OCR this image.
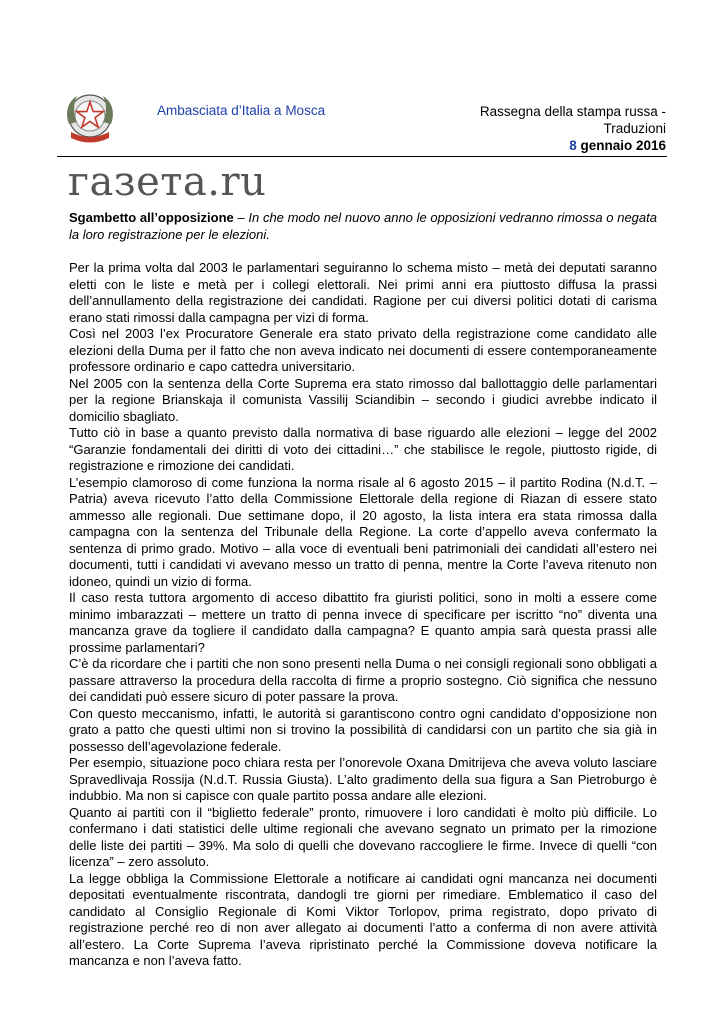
Ambasciata d’Italia a Mosca	Rassegna della stampa russa -
Traduzioni
8 gennaio 2016
газета.ru

Sgambetto all’opposizione – In che modo nel nuovo anno le opposizioni vedranno rimossa o negata la loro registrazione per le elezioni.

Per la prima volta dal 2003 le parlamentari seguiranno lo schema misto – metà dei deputati saranno eletti con le liste e metà per i collegi elettorali. Nei primi anni era piuttosto diffusa la prassi dell’annullamento della registrazione dei candidati. Ragione per cui diversi politici dotati di carisma erano stati rimossi dalla campagna per vizi di forma.

Così nel 2003 l’ex Procuratore Generale era stato privato della registrazione come candidato alle elezioni della Duma per il fatto che non aveva indicato nei documenti di essere contemporaneamente professore ordinario e capo cattedra universitario.

Nel 2005 con la sentenza della Corte Suprema era stato rimosso dal ballottaggio delle parlamentari per la regione Brianskaja il comunista Vassilij Sciandibin – secondo i giudici avrebbe indicato il domicilio sbagliato.

Tutto ciò in base a quanto previsto dalla normativa di base riguardo alle elezioni – legge del 2002 “Garanzie fondamentali dei diritti di voto dei cittadini…” che stabilisce le regole, piuttosto rigide, di registrazione e rimozione dei candidati.

L’esempio clamoroso di come funziona la norma risale al 6 agosto 2015 – il partito Rodina (N.d.T. – Patria) aveva ricevuto l’atto della Commissione Elettorale della regione di Riazan di essere stato ammesso alle regionali. Due settimane dopo, il 20 agosto, la lista intera era stata rimossa dalla campagna con la sentenza del Tribunale della Regione. La corte d’appello aveva confermato la sentenza di primo grado. Motivo – alla voce di eventuali beni patrimoniali dei candidati all’estero nei documenti, tutti i candidati vi avevano messo un tratto di penna, mentre la Corte l’aveva ritenuto non idoneo, quindi un vizio di forma.

Il caso resta tuttora argomento di acceso dibattito fra giuristi politici, sono in molti a essere come minimo imbarazzati – mettere un tratto di penna invece di specificare per iscritto “no” diventa una mancanza grave da togliere il candidato dalla campagna? E quanto ampia sarà questa prassi alle prossime parlamentari?

C’è da ricordare che i partiti che non sono presenti nella Duma o nei consigli regionali sono obbligati a passare attraverso la procedura della raccolta di firme a proprio sostegno. Ciò significa che nessuno dei candidati può essere sicuro di poter passare la prova.

Con questo meccanismo, infatti, le autorità si garantiscono contro ogni candidato d’opposizione non grato a patto che questi ultimi non si trovino la possibilità di candidarsi con un partito che sia già in possesso dell’agevolazione federale.

Per esempio, situazione poco chiara resta per l’onorevole Oxana Dmitrijeva che aveva voluto lasciare Spravedlivaja Rossija (N.d.T. Russia Giusta). L’alto gradimento della sua figura a San Pietroburgo è indubbio. Ma non si capisce con quale partito possa andare alle elezioni.

Quanto ai partiti con il “biglietto federale” pronto, rimuovere i loro candidati è molto più difficile. Lo confermano i dati statistici delle ultime regionali che avevano segnato un primato per la rimozione delle liste dei partiti – 39%. Ma solo di quelli che dovevano raccogliere le firme. Invece di quelli “con licenza” – zero assoluto.

La legge obbliga la Commissione Elettorale a notificare ai candidati ogni mancanza nei documenti depositati eventualmente riscontrata, dandogli tre giorni per rimediare. Emblematico il caso del candidato al Consiglio Regionale di Komi Viktor Torlopov, prima registrato, dopo privato di registrazione perché reo di non aver allegato ai documenti l’atto a conferma di non avere attività all’estero. La Corte Suprema l’aveva ripristinato perché la Commissione doveva notificare la mancanza e non l’aveva fatto.
